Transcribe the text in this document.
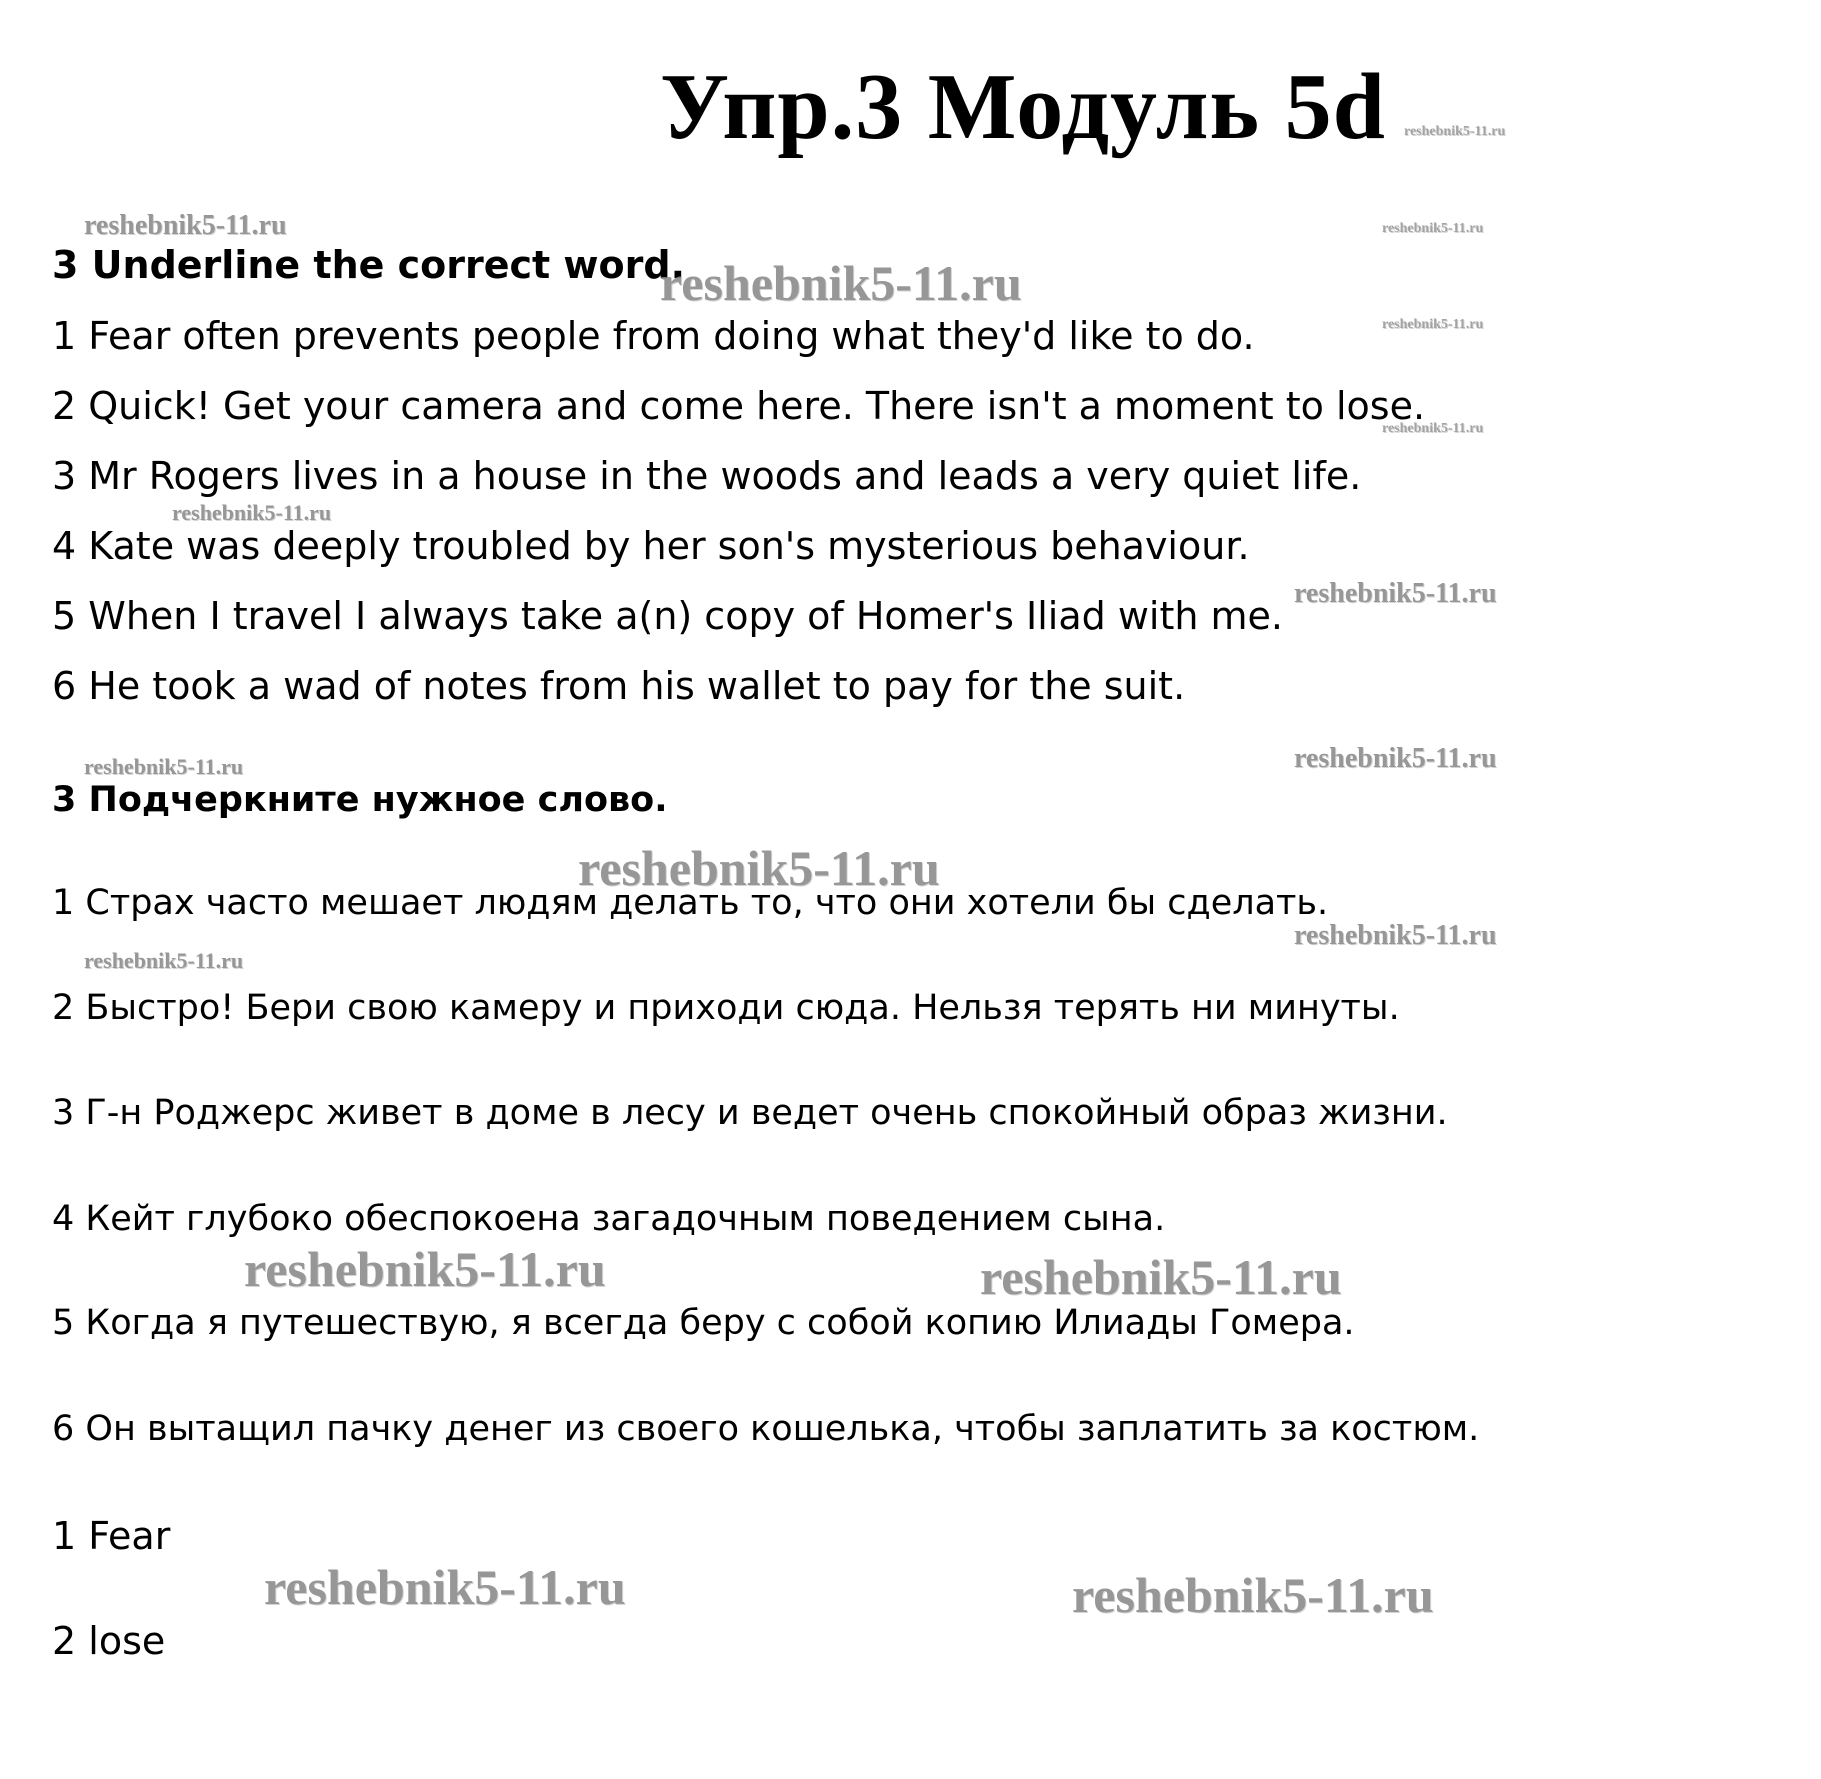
Упр.3 Модуль 5d

3 Underline the correct word.

1 Fear often prevents people from doing what they'd like to do.

2 Quick! Get your camera and come here. There isn't a moment to lose.

3 Mr Rogers lives in a house in the woods and leads a very quiet life.

4 Kate was deeply troubled by her son's mysterious behaviour.

5 When I travel I always take a(n) copy of Homer's Iliad with me.

6 He took a wad of notes from his wallet to pay for the suit.

3 Подчеркните нужное слово.

1 Страх часто мешает людям делать то, что они хотели бы сделать.

2 Быстро! Бери свою камеру и приходи сюда. Нельзя терять ни минуты.

3 Г-н Роджерс живет в доме в лесу и ведет очень спокойный образ жизни.

4 Кейт глубоко обеспокоена загадочным поведением сына.

5 Когда я путешествую, я всегда беру с собой копию Илиады Гомера.

6 Он вытащил пачку денег из своего кошелька, чтобы заплатить за костюм.

1 Fear

2 lose

reshebnik5-11.ru
reshebnik5-11.ru	reshebnik5-11.ru
reshebnik5-11.ru
reshebnik5-11.ru
reshebnik5-11.ru
reshebnik5-11.ru
reshebnik5-11.ru
reshebnik5-11.ru	reshebnik5-11.ru
reshebnik5-11.ru
reshebnik5-11.ru
reshebnik5-11.ru
reshebnik5-11.ru	reshebnik5-11.ru
reshebnik5-11.ru	reshebnik5-11.ru
